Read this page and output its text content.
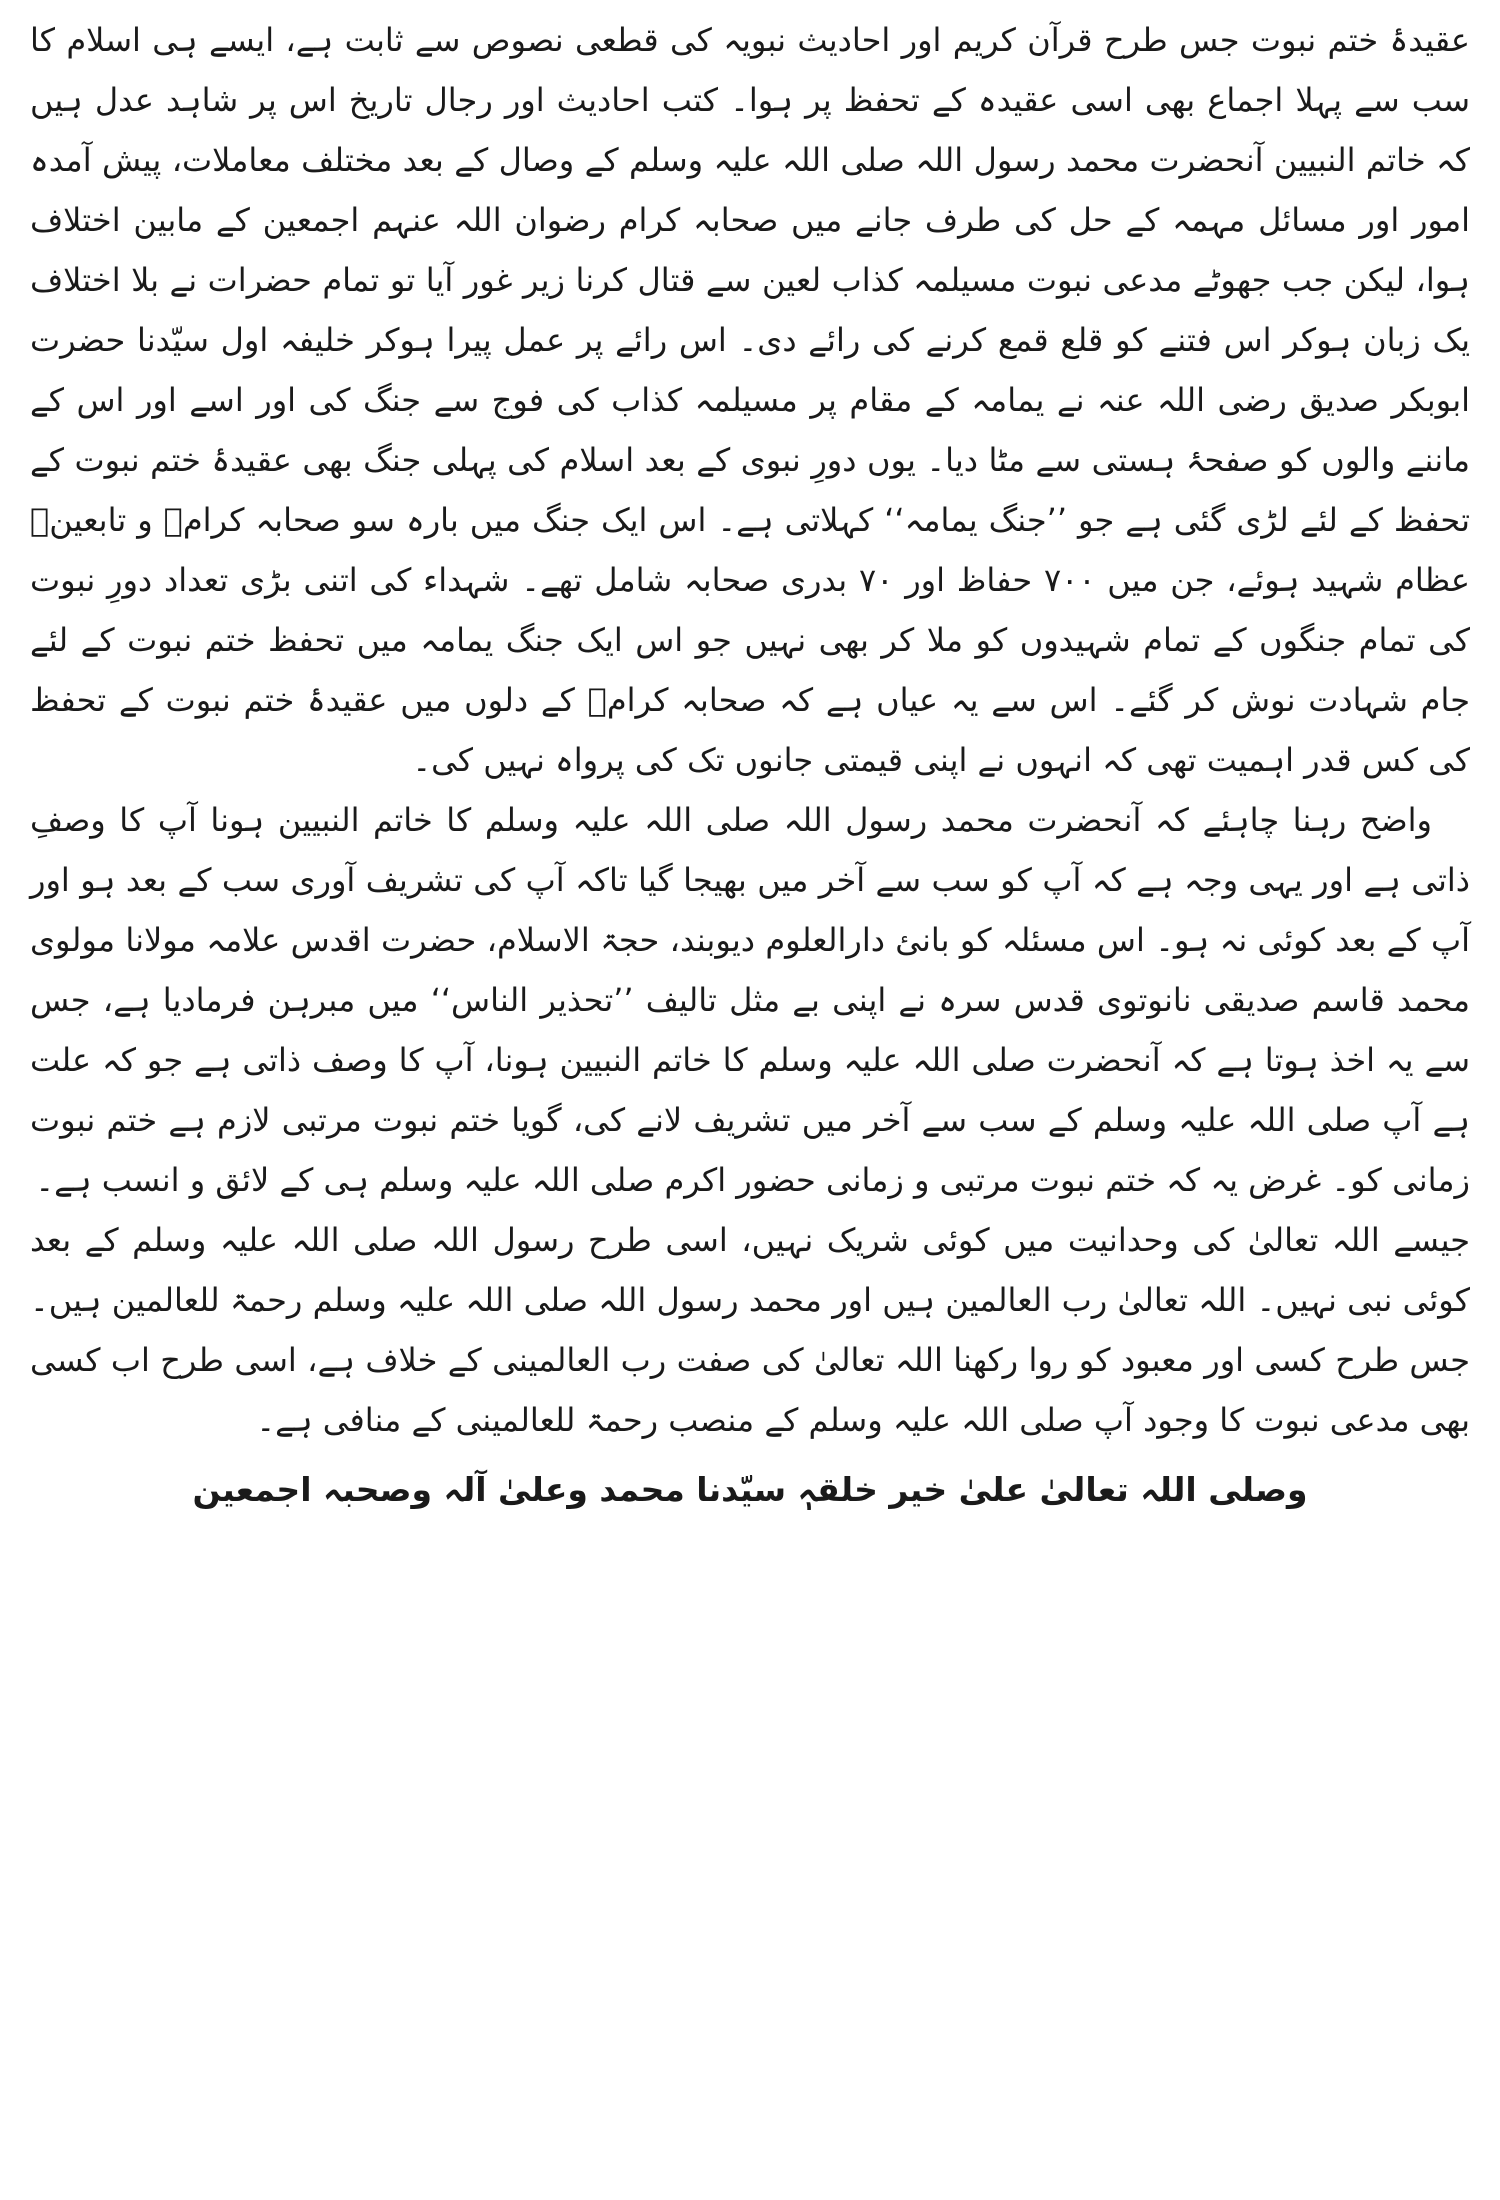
عقیدۂ ختم نبوت جس طرح قرآن کریم اور احادیث نبویہ کی قطعی نصوص سے ثابت ہے، ایسے ہی اسلام کا سب سے پہلا اجماع بھی اسی عقیدہ کے تحفظ پر ہوا۔ کتب احادیث اور رجال تاریخ اس پر شاہد عدل ہیں کہ خاتم النبیین آنحضرت محمد رسول اللہ صلی اللہ علیہ وسلم کے وصال کے بعد مختلف معاملات، پیش آمدہ امور اور مسائل مہمہ کے حل کی طرف جانے میں صحابہ کرام رضوان اللہ عنہم اجمعین کے مابین اختلاف ہوا، لیکن جب جھوٹے مدعی نبوت مسیلمہ کذاب لعین سے قتال کرنا زیر غور آیا تو تمام حضرات نے بلا اختلاف یک زبان ہوکر اس فتنے کو قلع قمع کرنے کی رائے دی۔ اس رائے پر عمل پیرا ہوکر خلیفہ اول سیّدنا حضرت ابوبکر صدیق رضی اللہ عنہ نے یمامہ کے مقام پر مسیلمہ کذاب کی فوج سے جنگ کی اور اسے اور اس کے ماننے والوں کو صفحۂ ہستی سے مٹا دیا۔ یوں دورِ نبوی کے بعد اسلام کی پہلی جنگ بھی عقیدۂ ختم نبوت کے تحفظ کے لئے لڑی گئی ہے جو ’’جنگ یمامہ‘‘ کہلاتی ہے۔ اس ایک جنگ میں بارہ سو صحابہ کرامؓ و تابعینؒ عظام شہید ہوئے، جن میں ۷۰۰ حفاظ اور ۷۰ بدری صحابہ شامل تھے۔ شہداء کی اتنی بڑی تعداد دورِ نبوت کی تمام جنگوں کے تمام شہیدوں کو ملا کر بھی نہیں جو اس ایک جنگ یمامہ میں تحفظ ختم نبوت کے لئے جام شہادت نوش کر گئے۔ اس سے یہ عیاں ہے کہ صحابہ کرامؓ کے دلوں میں عقیدۂ ختم نبوت کے تحفظ کی کس قدر اہمیت تھی کہ انہوں نے اپنی قیمتی جانوں تک کی پرواہ نہیں کی۔

واضح رہنا چاہئے کہ آنحضرت محمد رسول اللہ صلی اللہ علیہ وسلم کا خاتم النبیین ہونا آپ کا وصفِ ذاتی ہے اور یہی وجہ ہے کہ آپ کو سب سے آخر میں بھیجا گیا تاکہ آپ کی تشریف آوری سب کے بعد ہو اور آپ کے بعد کوئی نہ ہو۔ اس مسئلہ کو بانئ دارالعلوم دیوبند، حجۃ الاسلام، حضرت اقدس علامہ مولانا مولوی محمد قاسم صدیقی نانوتوی قدس سرہ نے اپنی بے مثل تالیف ’’تحذیر الناس‘‘ میں مبرہن فرمادیا ہے، جس سے یہ اخذ ہوتا ہے کہ آنحضرت صلی اللہ علیہ وسلم کا خاتم النبیین ہونا، آپ کا وصف ذاتی ہے جو کہ علت ہے آپ صلی اللہ علیہ وسلم کے سب سے آخر میں تشریف لانے کی، گویا ختم نبوت مرتبی لازم ہے ختم نبوت زمانی کو۔ غرض یہ کہ ختم نبوت مرتبی و زمانی حضور اکرم صلی اللہ علیہ وسلم ہی کے لائق و انسب ہے۔

جیسے اللہ تعالیٰ کی وحدانیت میں کوئی شریک نہیں، اسی طرح رسول اللہ صلی اللہ علیہ وسلم کے بعد کوئی نبی نہیں۔ اللہ تعالیٰ رب العالمین ہیں اور محمد رسول اللہ صلی اللہ علیہ وسلم رحمۃ للعالمین ہیں۔ جس طرح کسی اور معبود کو روا رکھنا اللہ تعالیٰ کی صفت رب العالمینی کے خلاف ہے، اسی طرح اب کسی بھی مدعی نبوت کا وجود آپ صلی اللہ علیہ وسلم کے منصب رحمۃ للعالمینی کے منافی ہے۔

وصلی اللہ تعالیٰ علیٰ خیر خلقہٖ سیّدنا محمد وعلیٰ آلہ وصحبہ اجمعین
